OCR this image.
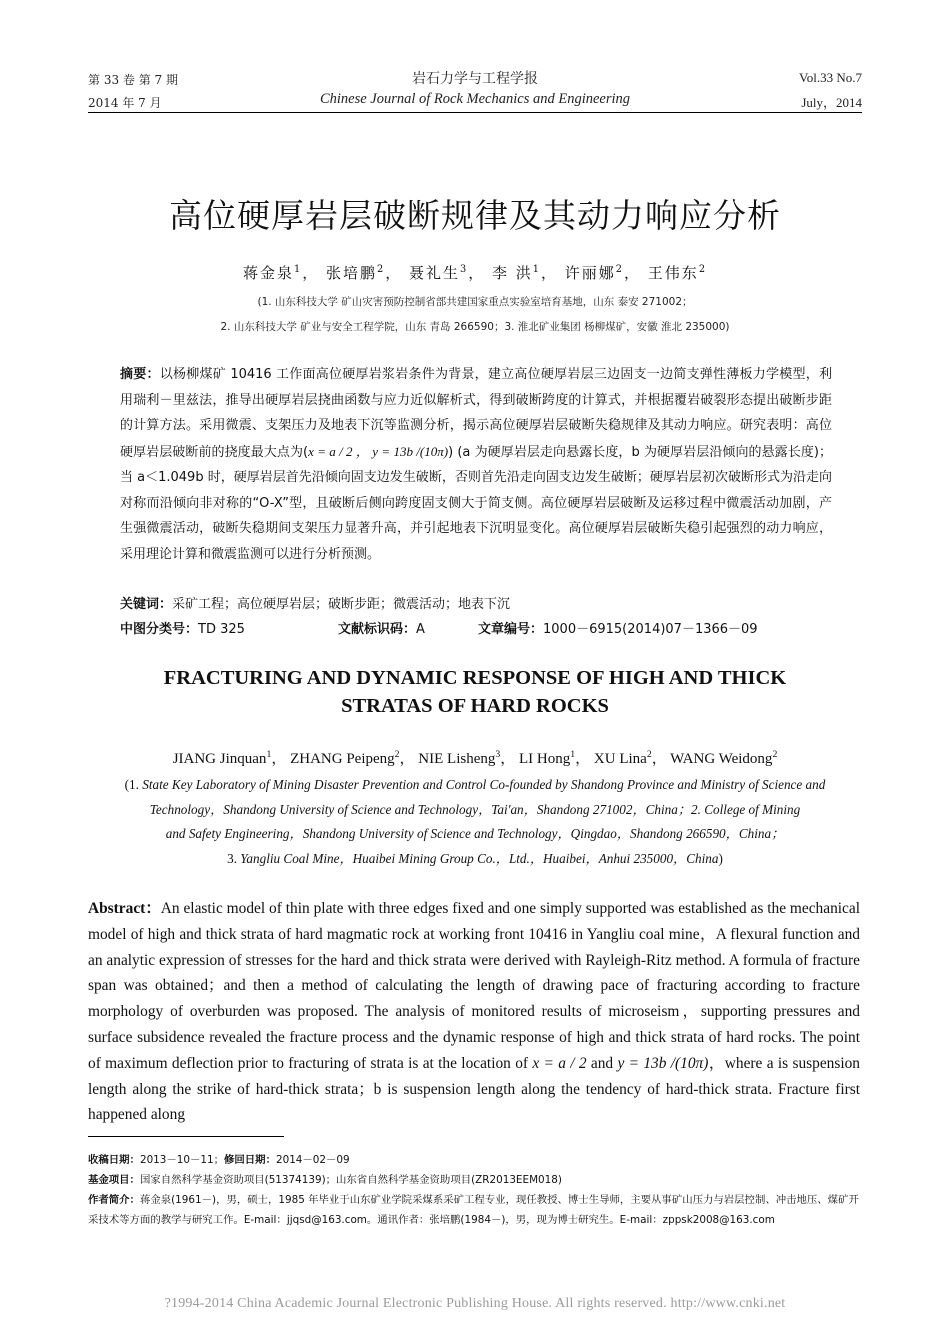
第 33 卷 第 7 期
2014 年 7 月
岩石力学与工程学报
Chinese Journal of Rock Mechanics and Engineering
Vol.33 No.7
July，2014
高位硬厚岩层破断规律及其动力响应分析
蒋金泉$^1$， 张培鹏$^2$， 聂礼生$^3$， 李 洪$^1$， 许丽娜$^2$， 王伟东$^2$
(1. 山东科技大学 矿山灾害预防控制省部共建国家重点实验室培育基地，山东 泰安 271002；
2. 山东科技大学 矿业与安全工程学院，山东 青岛 266590；3. 淮北矿业集团 杨柳煤矿，安徽 淮北 235000)
摘要：以杨柳煤矿 10416 工作面高位硬厚岩浆岩条件为背景，建立高位硬厚岩层三边固支一边简支弹性薄板力学模型，利用瑞利－里兹法，推导出硬厚岩层挠曲函数与应力近似解析式，得到破断跨度的计算式，并根据覆岩破裂形态提出破断步距的计算方法。采用微震、支架压力及地表下沉等监测分析，揭示高位硬厚岩层破断失稳规律及其动力响应。研究表明：高位硬厚岩层破断前的挠度最大点为(x = a / 2 ， y = 13b /(10π)) (a 为硬厚岩层走向悬露长度，b 为硬厚岩层沿倾向的悬露长度)；当 a＜1.049b 时，硬厚岩层首先沿倾向固支边发生破断，否则首先沿走向固支边发生破断；硬厚岩层初次破断形式为沿走向对称而沿倾向非对称的“O-X”型，且破断后侧向跨度固支侧大于简支侧。高位硬厚岩层破断及运移过程中微震活动加剧，产生强微震活动，破断失稳期间支架压力显著升高，并引起地表下沉明显变化。高位硬厚岩层破断失稳引起强烈的动力响应，采用理论计算和微震监测可以进行分析预测。
关键词：采矿工程；高位硬厚岩层；破断步距；微震活动；地表下沉
中图分类号：TD 325	文献标识码：A	文章编号：1000－6915(2014)07－1366－09
FRACTURING AND DYNAMIC RESPONSE OF HIGH AND THICK
STRATAS OF HARD ROCKS
JIANG Jinquan$^1$， ZHANG Peipeng$^2$， NIE Lisheng$^3$， LI Hong$^1$， XU Lina$^2$， WANG Weidong$^2$
(1. State Key Laboratory of Mining Disaster Prevention and Control Co-founded by Shandong Province and Ministry of Science and
Technology，Shandong University of Science and Technology，Tai'an，Shandong 271002，China；2. College of Mining
and Safety Engineering，Shandong University of Science and Technology，Qingdao，Shandong 266590，China；
3. Yangliu Coal Mine，Huaibei Mining Group Co.，Ltd.，Huaibei，Anhui 235000，China)
Abstract：An elastic model of thin plate with three edges fixed and one simply supported was established as the mechanical model of high and thick strata of hard magmatic rock at working front 10416 in Yangliu coal mine，A flexural function and an analytic expression of stresses for the hard and thick strata were derived with Rayleigh-Ritz method. A formula of fracture span was obtained；and then a method of calculating the length of drawing pace of fracturing according to fracture morphology of overburden was proposed. The analysis of monitored results of microseism，supporting pressures and surface subsidence revealed the fracture process and the dynamic response of high and thick strata of hard rocks. The point of maximum deflection prior to fracturing of strata is at the location of x = a / 2 and y = 13b /(10π)，where a is suspension length along the strike of hard-thick strata；b is suspension length along the tendency of hard-thick strata. Fracture first happened along
收稿日期：2013－10－11；修回日期：2014－02－09
基金项目：国家自然科学基金资助项目(51374139)；山东省自然科学基金资助项目(ZR2013EEM018)
作者简介：蒋金泉(1961－)，男，硕士，1985 年毕业于山东矿业学院采煤系采矿工程专业，现任教授、博士生导师，主要从事矿山压力与岩层控制、冲击地压、煤矿开采技术等方面的教学与研究工作。E-mail：jjqsd@163.com。通讯作者：张培鹏(1984－)，男，现为博士研究生。E-mail：zppsk2008@163.com
?1994-2014 China Academic Journal Electronic Publishing House. All rights reserved. http://www.cnki.net
